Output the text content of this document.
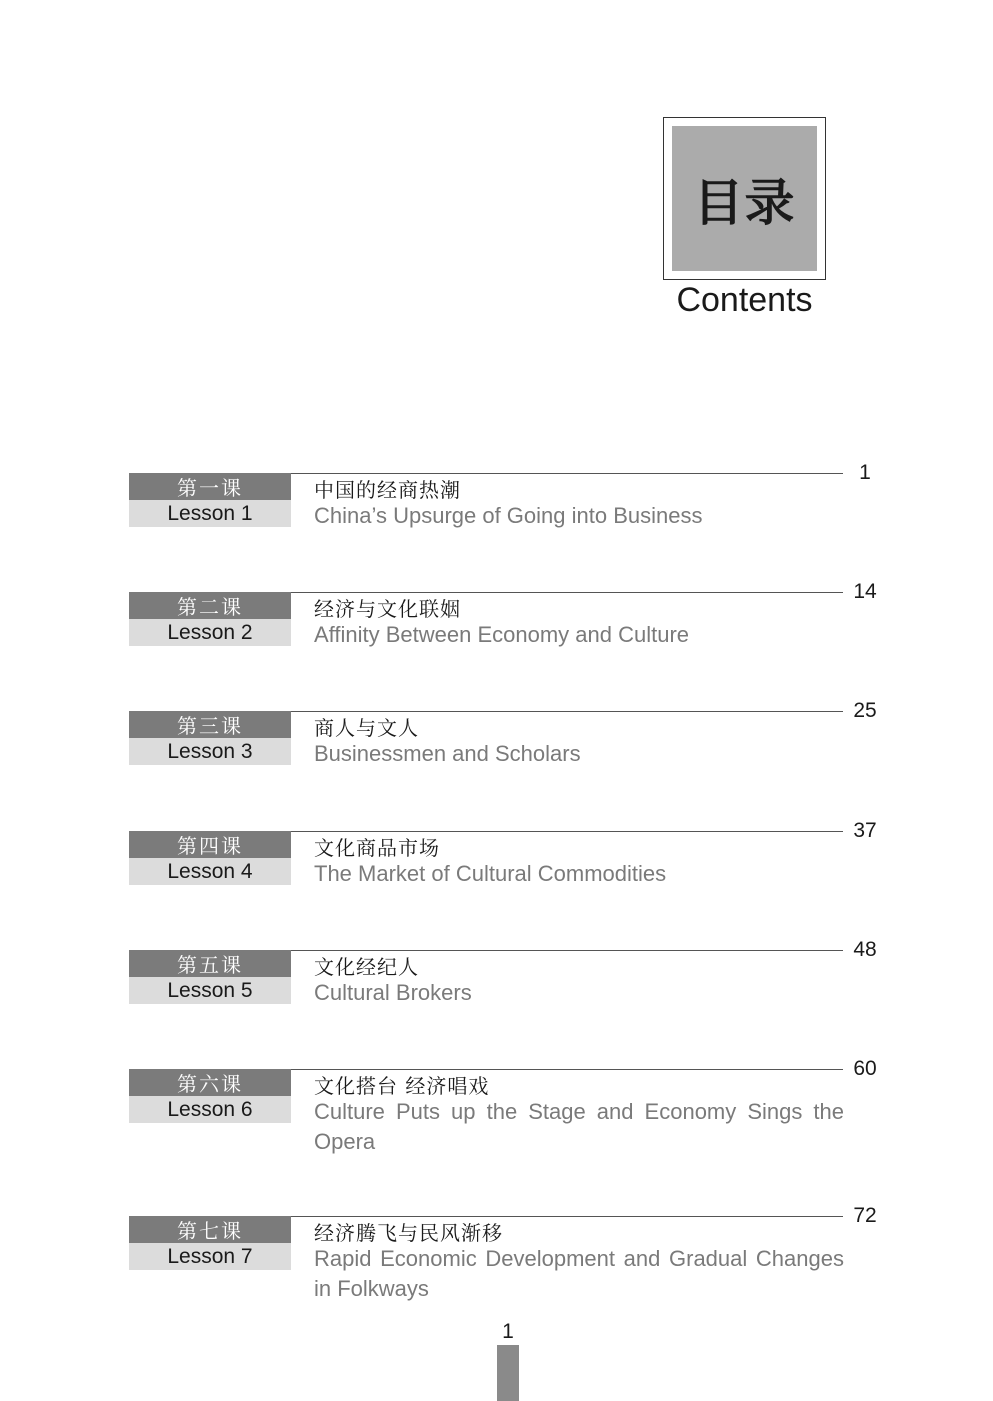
目录
Contents
第一课
Lesson 1
中国的经商热潮
China’s Upsurge of Going into Business
1
第二课
Lesson 2
经济与文化联姻
Affinity Between Economy and Culture
14
第三课
Lesson 3
商人与文人
Businessmen and Scholars
25
第四课
Lesson 4
文化商品市场
The Market of Cultural Commodities
37
第五课
Lesson 5
文化经纪人
Cultural Brokers
48
第六课
Lesson 6
文化搭台 经济唱戏
Culture Puts up the Stage and Economy Sings the Opera
60
第七课
Lesson 7
经济腾飞与民风渐移
Rapid Economic Development and Gradual Changes in Folkways
72
1
